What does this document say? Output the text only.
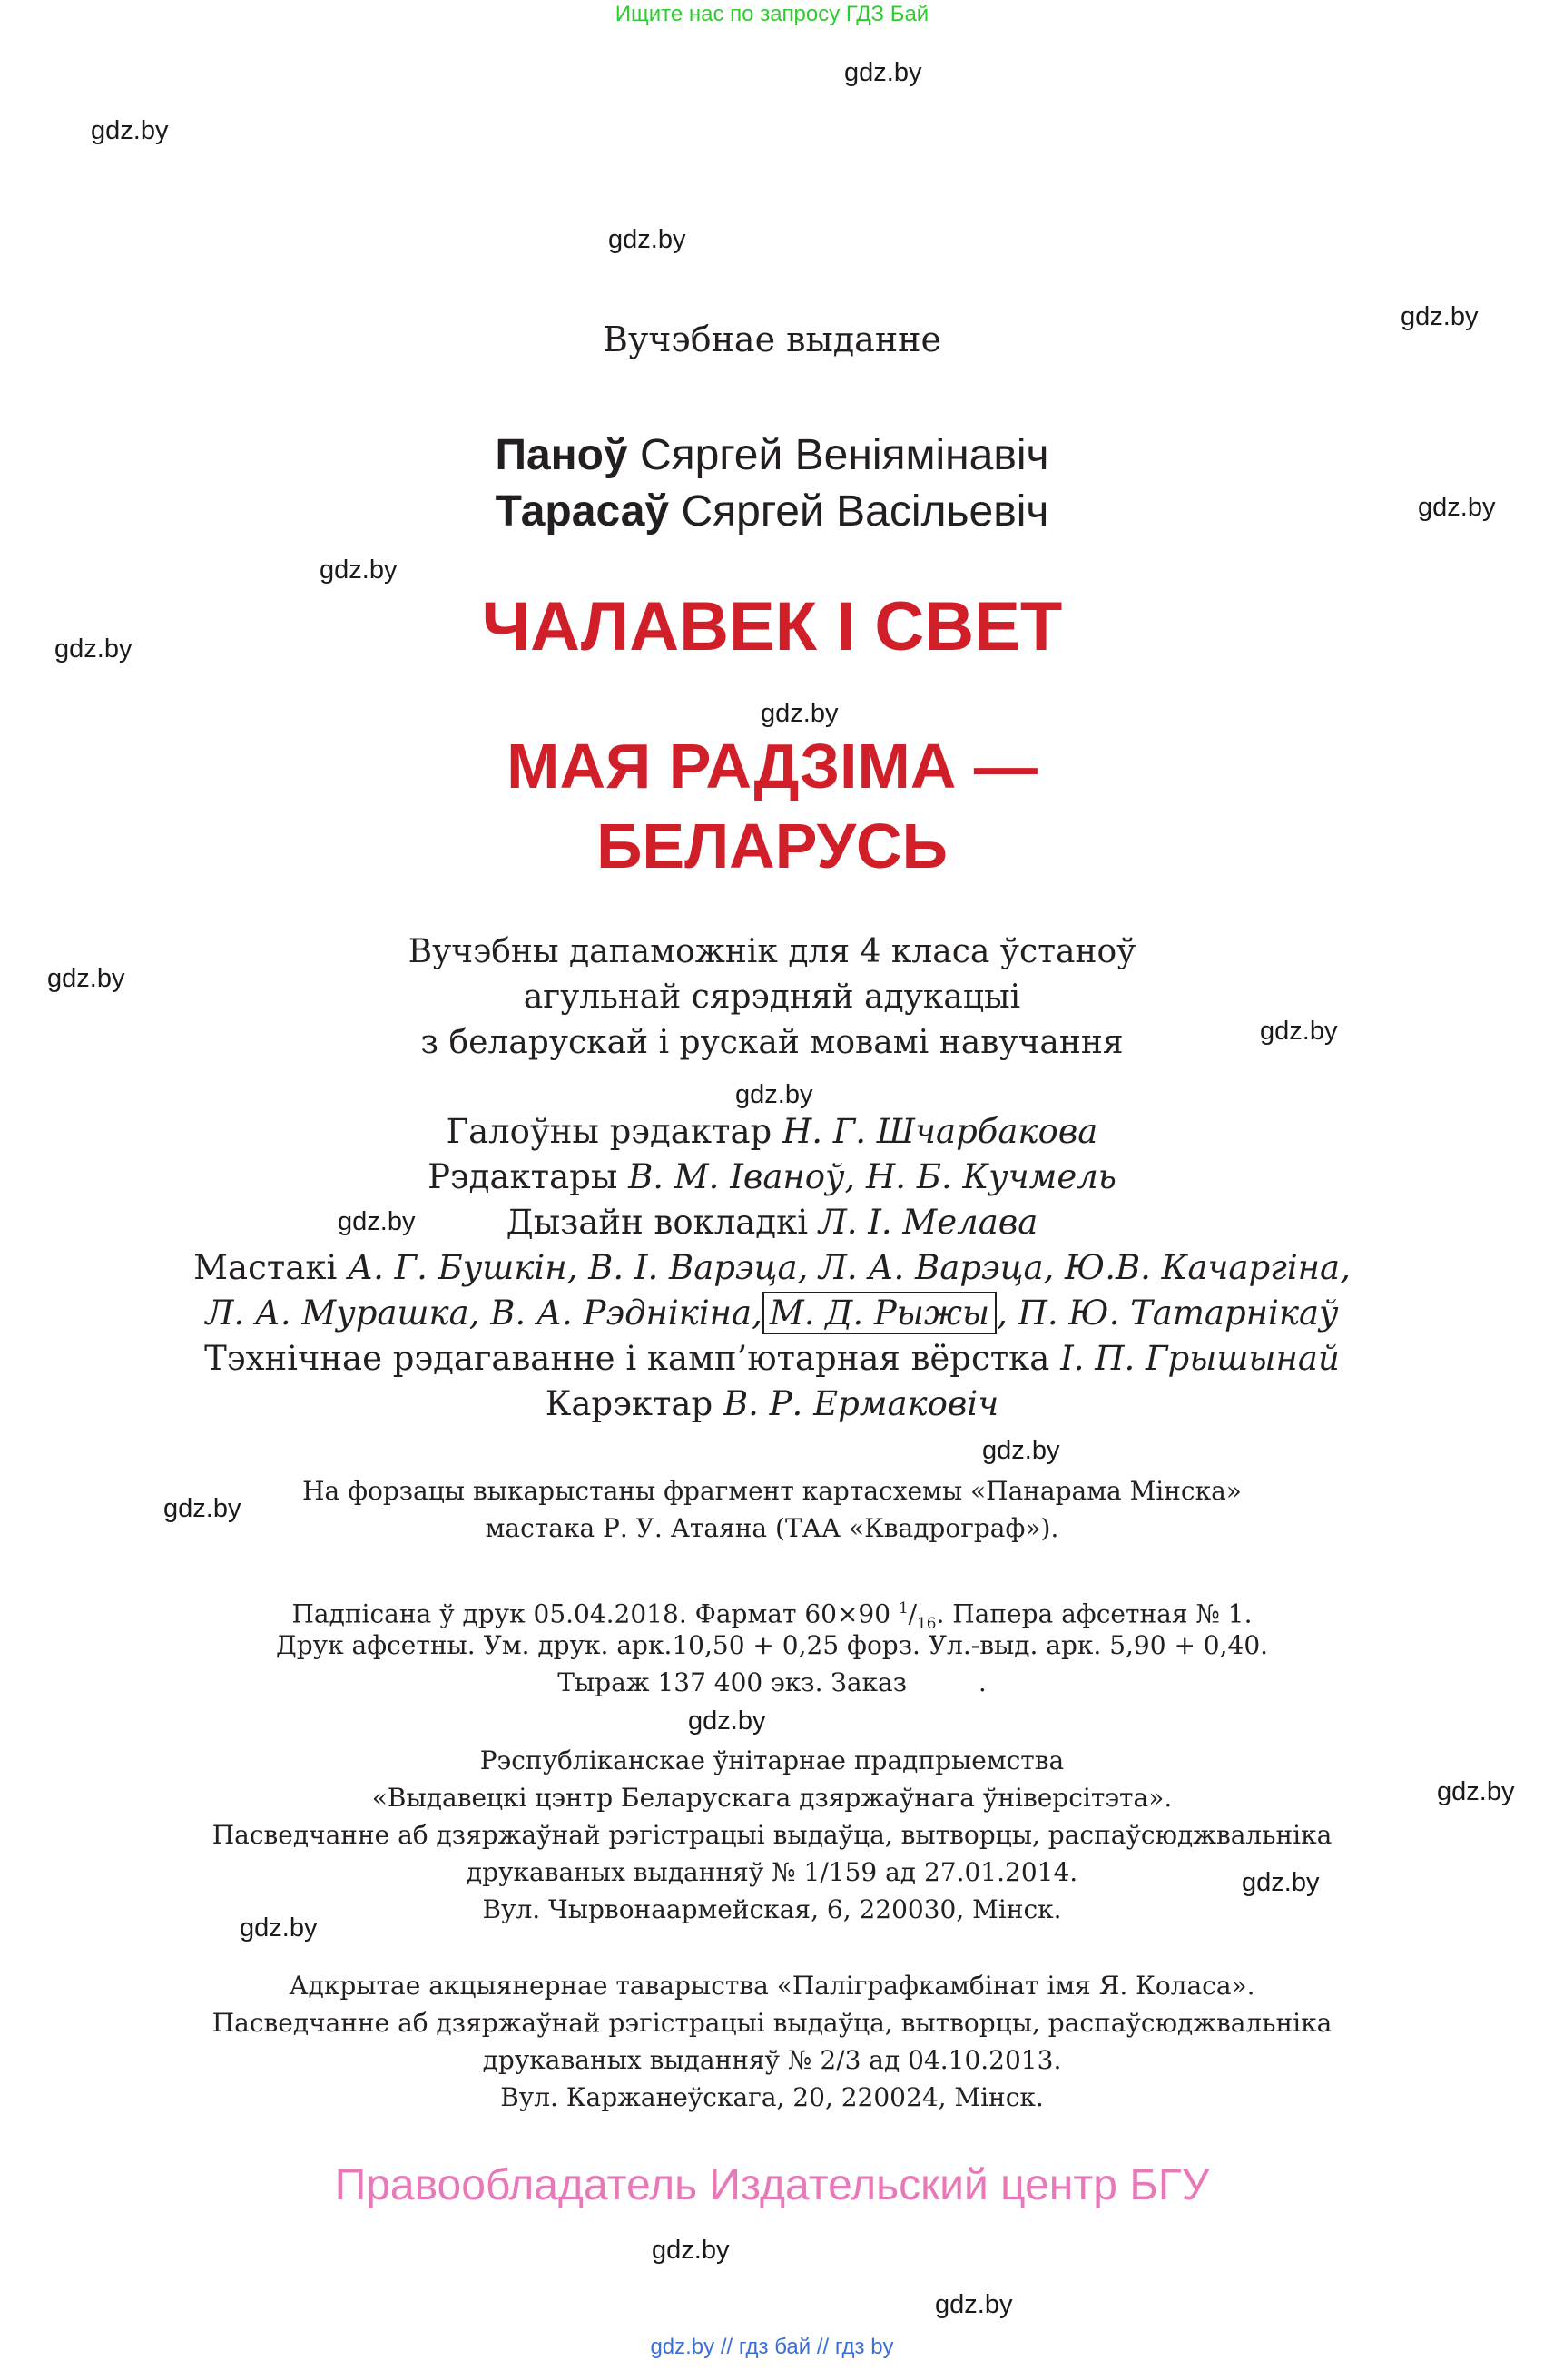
Ищите нас по запросу ГДЗ Бай
gdz.by
gdz.by
gdz.by
gdz.by
gdz.by
gdz.by
gdz.by
gdz.by
gdz.by
gdz.by
gdz.by
gdz.by
gdz.by
gdz.by
gdz.by
gdz.by
gdz.by
gdz.by
gdz.by
gdz.by
Вучэбнае выданне
Паноў Сяргей Веніямінавіч
Тарасаў Сяргей Васільевіч
ЧАЛАВЕК І СВЕТ
МАЯ РАДЗІМА —
БЕЛАРУСЬ
Вучэбны дапаможнік для 4 класа ўстаноў
агульнай сярэдняй адукацыі
з беларускай і рускай мовамі навучання
Галоўны рэдактар Н. Г. Шчарбакова
Рэдактары В. М. Іваноў, Н. Б. Кучмель
Дызайн вокладкі Л. І. Мелава
Мастакі А. Г. Бушкін, В. І. Варэца, Л. А. Варэца, Ю.В. Качаргіна,
Л. А. Мурашка, В. А. Рэднікіна, М. Д. Рыжы , П. Ю. Татарнікаў
Тэхнічнае рэдагаванне і камп’ютарная вёрстка І. П. Грышынай
Карэктар В. Р. Ермаковіч
На форзацы выкарыстаны фрагмент картасхемы «Панарама Мінска»
мастака Р. У. Атаяна (ТАА «Квадрограф»).
Падпісана ў друк 05.04.2018. Фармат 60×90 $^1/_{16}$. Папера афсетная № 1.
Друк афсетны. Ум. друк. арк.10,50 + 0,25 форз. Ул.-выд. арк. 5,90 + 0,40.
Тыраж 137 400 экз. Заказ	.
Рэспубліканскае ўнітарнае прадпрыемства
«Выдавецкі цэнтр Беларускага дзяржаўнага ўніверсітэта».
Пасведчанне аб дзяржаўнай рэгістрацыі выдаўца, вытворцы, распаўсюджвальніка
друкаваных выданняў № 1/159 ад 27.01.2014.
Вул. Чырвонаармейская, 6, 220030, Мінск.
Адкрытае акцыянернае таварыства «Паліграфкамбінат імя Я. Коласа».
Пасведчанне аб дзяржаўнай рэгістрацыі выдаўца, вытворцы, распаўсюджвальніка
друкаваных выданняў № 2/3 ад 04.10.2013.
Вул. Каржанеўскага, 20, 220024, Мінск.
Правообладатель Издательский центр БГУ
gdz.by // гдз бай // гдз by
